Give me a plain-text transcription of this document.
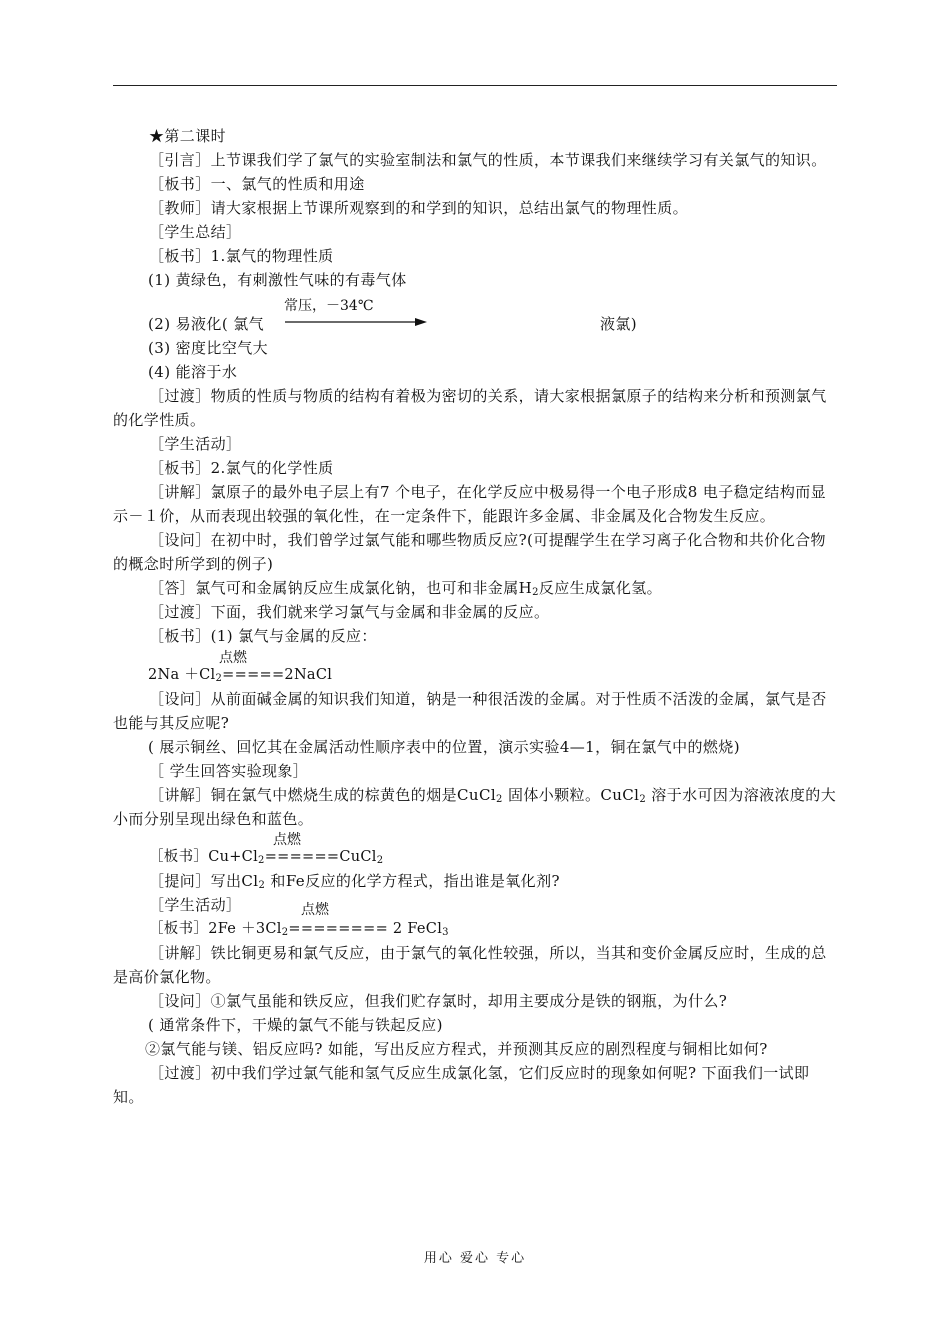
★第二课时

［引言］上节课我们学了氯气的实验室制法和氯气的性质，本节课我们来继续学习有关氯气的知识。

［板书］一、氯气的性质和用途

［教师］请大家根据上节课所观察到的和学到的知识，总结出氯气的物理性质。

［学生总结］

［板书］1.氯气的物理性质

(1) 黄绿色，有刺激性气味的有毒气体

(2) 易液化( 氯气
常压，－34℃
液氯)

(3) 密度比空气大

(4) 能溶于水

［过渡］物质的性质与物质的结构有着极为密切的关系，请大家根据氯原子的结构来分析和预测氯气的化学性质。

［学生活动］

［板书］2.氯气的化学性质

［讲解］氯原子的最外电子层上有7 个电子，在化学反应中极易得一个电子形成8 电子稳定结构而显示－１价，从而表现出较强的氧化性，在一定条件下，能跟许多金属、非金属及化合物发生反应。

［设问］在初中时，我们曾学过氯气能和哪些物质反应?(可提醒学生在学习离子化合物和共价化合物的概念时所学到的例子)

［答］氯气可和金属钠反应生成氯化钠，也可和非金属$H_2$反应生成氯化氢。

［过渡］下面，我们就来学习氯气与金属和非金属的反应。

［板书］(1) 氯气与金属的反应：

点燃
$2Na +Cl_2=====2NaCl$

［设问］从前面碱金属的知识我们知道，钠是一种很活泼的金属。对于性质不活泼的金属，氯气是否也能与其反应呢?

( 展示铜丝、回忆其在金属活动性顺序表中的位置，演示实验4—1，铜在氯气中的燃烧)

［ 学生回答实验现象］

［讲解］铜在氯气中燃烧生成的棕黄色的烟是CuCl$_2$ 固体小颗粒。CuCl$_2$ 溶于水可因为溶液浓度的大小而分别呈现出绿色和蓝色。

点燃
［板书$]Cu+Cl_2======CuCl_2$

［提问］写出$Cl_2$ 和Fe反应的化学方程式，指出谁是氧化剂?

［学生活动］	点燃
［板书］2Fe $+3Cl_2======== 2$ FeCl$_3$

［讲解］铁比铜更易和氯气反应，由于氯气的氧化性较强，所以，当其和变价金属反应时，生成的总是高价氯化物。

［设问］①氯气虽能和铁反应，但我们贮存氯时，却用主要成分是铁的钢瓶，为什么?

( 通常条件下，干燥的氯气不能与铁起反应)

②氯气能与镁、铝反应吗? 如能，写出反应方程式，并预测其反应的剧烈程度与铜相比如何?

［过渡］初中我们学过氯气能和氢气反应生成氯化氢，它们反应时的现象如何呢? 下面我们一试即知。

用心 爱心 专心
